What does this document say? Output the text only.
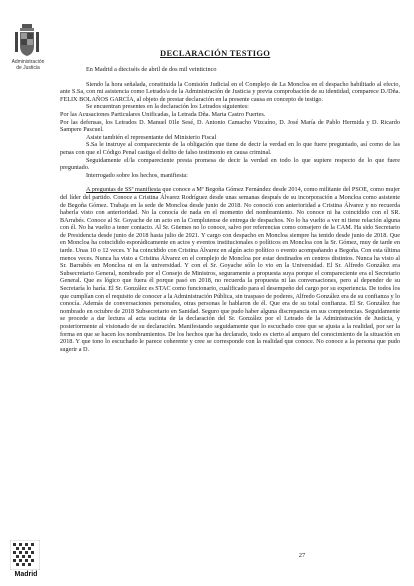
Administración
de Justicia
Madrid
DECLARACIÓN TESTIGO

En Madrid a dieciséis de abril de dos mil veinticinco

Siendo la hora señalada, constituida la Comisión Judicial en el Complejo de La Moncloa en el despacho habilitado al efecto, ante S.Sa, con mi asistencia como Letrado/a de la Administración de Justicia y previa comprobación de su identidad, comparece D./Dña. FELIX BOLAÑOS GARCÍA, al objeto de prestar declaración en la presente causa en concepto de testigo.

Se encuentran presentes en la declaración los Letrados siguientes:

Por las Acusaciones Particulares Unificadas, la Letrada Dña. Marta Castro Fuertes.

Por las defensas, los Letrados D. Manuel 01le Sesé, D. Antonio Camacho Vizcaíno, D. José María de Pablo Hermida y D. Ricardo Sampere Pascuel.

Asiste también el representante del Ministerio Fiscal

S.Sa le instruye al compareciente de la obligación que tiene de decir la verdad en lo que fuere preguntado, así como de las penas con que el Código Penal castiga el delito de falso testimonio en causa criminal.

Seguidamente el/la compareciente presta promesa de decir la verdad en todo lo que supiere respecto de lo que fuere preguntado.

Interrogado sobre los hechos, manifiesta:

A preguntas de SSª manifiesta que conoce a Mª Begoña Gómez Fernández desde 2014, como militante del PSOE, como mujer del líder del partido. Conoce a Cristina Álvarez Rodríguez desde unas semanas después de su incorporación a Moncloa como asistente de Begoña Gómez. Trabaja en la sede de Moncloa desde junio de 2018. No conoció con anterioridad a Cristina Álvarez y no recuerda haberla visto con anterioridad. No la conocía de nada en el momento del nombramiento. No conoce ni ha coincidido con el SR. BArrabés. Conoce al Sr. Goyache de un acto en la Complutense de entrega de despachos. No lo ha vuelto a ver ni tiene relación alguna con él. No ha vuelto a tener contacto. Al Sr. Güemes no lo conoce, salvo por referencias como consejero de la CAM. Ha sido Secretario de Presidencia desde junio de 2018 hasta julio de 2021. Y cargo con despacho en Moncloa siempre ha tenido desde junio de 2018. Que en Moncloa ha coincidido esporádicamente en actos y eventos institucionales o políticos en Moncloa con la Sr. Gómez, muy de tarde en tarde. Unas 10 o 12 veces. Y ha coincidido con Cristina Álvarez en algún acto político o evento acompañando a Begoña. Con esta última menos veces. Nunca ha visto a Cristina Álvarez en el complejo de Moncloa por estar destinados en centros distintos. Nunca ha visto al Sr. Barrabés en Moncloa ni en la universidad. Y con el Sr. Goyache sólo lo vio en la Universidad. El Sr. Alfredo González era Subsecretario General, nombrado por el Consejo de Ministros, seguramente a propuesta suya porque el compareciente era el Secretario General. Que es lógico que fuera él porque pasó en 2018, no recuerda la propuesta ni las conversaciones, pero al depender de su Secretaría lo haría. El Sr. González es STAC como funcionario, cualificado para el desempeño del cargo por su experiencia. De todos los que cumplían con el requisito de conocer a la Administración Pública, sin traspaso de poderes, Alfredo González era de su confianza y lo conocía. Además de conversaciones personales, otras personas le hablaron de él. Que era de su total confianza. El Sr. González fue nombrado en octubre de 2018 Subsecretario en Sanidad. Seguro que pudo haber alguna discrepancia en sus competencias. Seguidamente se procede a dar lectura al acta sucinta de la declaración del Sr. González por el Letrado de la Administración de Justicia, y posteriormente al visionado de su declaración. Manifestando seguidamente que lo escuchado cree que se ajusta a la realidad, por ser la forma en que se hacen los nombramientos. De los hechos que ha declarado, todo es cierto al amparo del conocimiento de la situación en 2018. Y que tono lo escuchado le parece coherente y cree se corresponde con la realidad que conoce. No conoce a la persona que pudo sugerir a D.

27
